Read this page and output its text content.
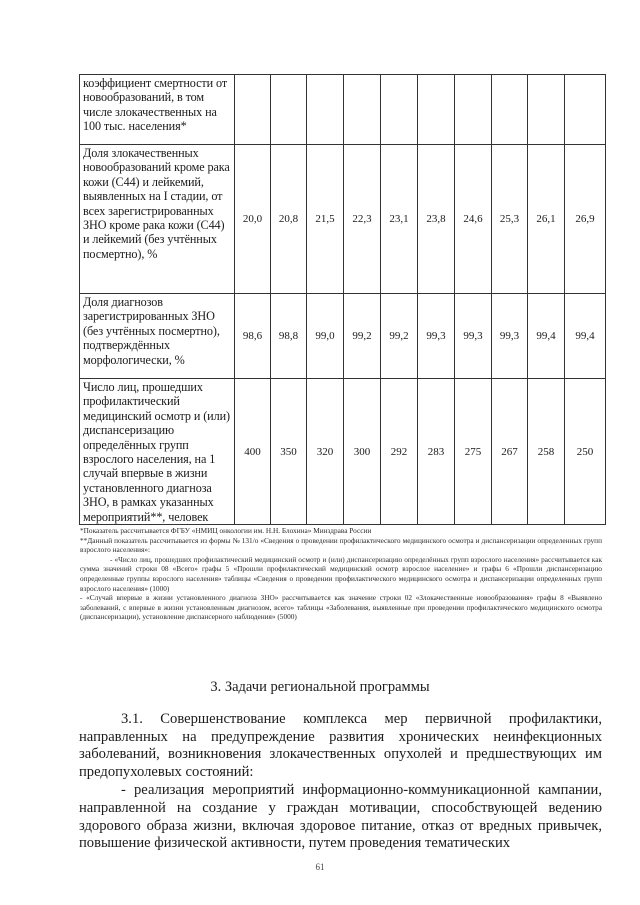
коэффициент смертности от новообразований, в том числе злокачественных на 100 тыс. населения*										
Доля злокачественных новообразований кроме рака кожи (С44) и лейкемий, выявленных на I стадии, от всех зарегистрированных ЗНО кроме рака кожи (С44) и лейкемий (без учтённых посмертно), %	20,0	20,8	21,5	22,3	23,1	23,8	24,6	25,3	26,1	26,9
Доля диагнозов зарегистрированных ЗНО (без учтённых посмертно), подтверждённых морфологически, %	98,6	98,8	99,0	99,2	99,2	99,3	99,3	99,3	99,4	99,4
Число лиц, прошедших профилактический медицинский осмотр и (или) диспансеризацию определённых групп взрослого населения, на 1 случай впервые в жизни установленного диагноза ЗНО, в рамках указанных мероприятий**, человек	400	350	320	300	292	283	275	267	258	250

*Показатель рассчитывается ФГБУ «НМИЦ онкологии им. Н.Н. Блохина» Минздрава России

**Данный показатель рассчитывается из формы № 131/о «Сведения о проведении профилактического медицинского осмотра и диспансеризации определенных групп взрослого населения»:

- «Число лиц, прошедших профилактический медицинский осмотр и (или) диспансеризацию определённых групп взрослого населения» рассчитывается как сумма значений строки 08 «Всего» графы 5 «Прошли профилактический медицинский осмотр взрослое население» и графы 6 «Прошли диспансеризацию определенные группы взрослого населения» таблицы «Сведения о проведении профилактического медицинского осмотра и диспансеризации определенных групп взрослого населения» (1000)

- «Случай впервые в жизни установленного диагноза ЗНО» рассчитывается как значение строки 02 «Злокачественные новообразования» графы 8 «Выявлено заболеваний, с впервые в жизни установленным диагнозом, всего» таблицы «Заболевания, выявленные при проведении профилактического медицинского осмотра (диспансеризации), установление диспансерного наблюдения» (5000)

3. Задачи региональной программы

3.1. Совершенствование комплекса мер первичной профилактики, направленных на предупреждение развития хронических неинфекционных заболеваний, возникновения злокачественных опухолей и предшествующих им предопухолевых состояний:

- реализация мероприятий информационно-коммуникационной кампании, направленной на создание у граждан мотивации, способствующей ведению здорового образа жизни, включая здоровое питание, отказ от вредных привычек, повышение физической активности, путем проведения тематических

61
